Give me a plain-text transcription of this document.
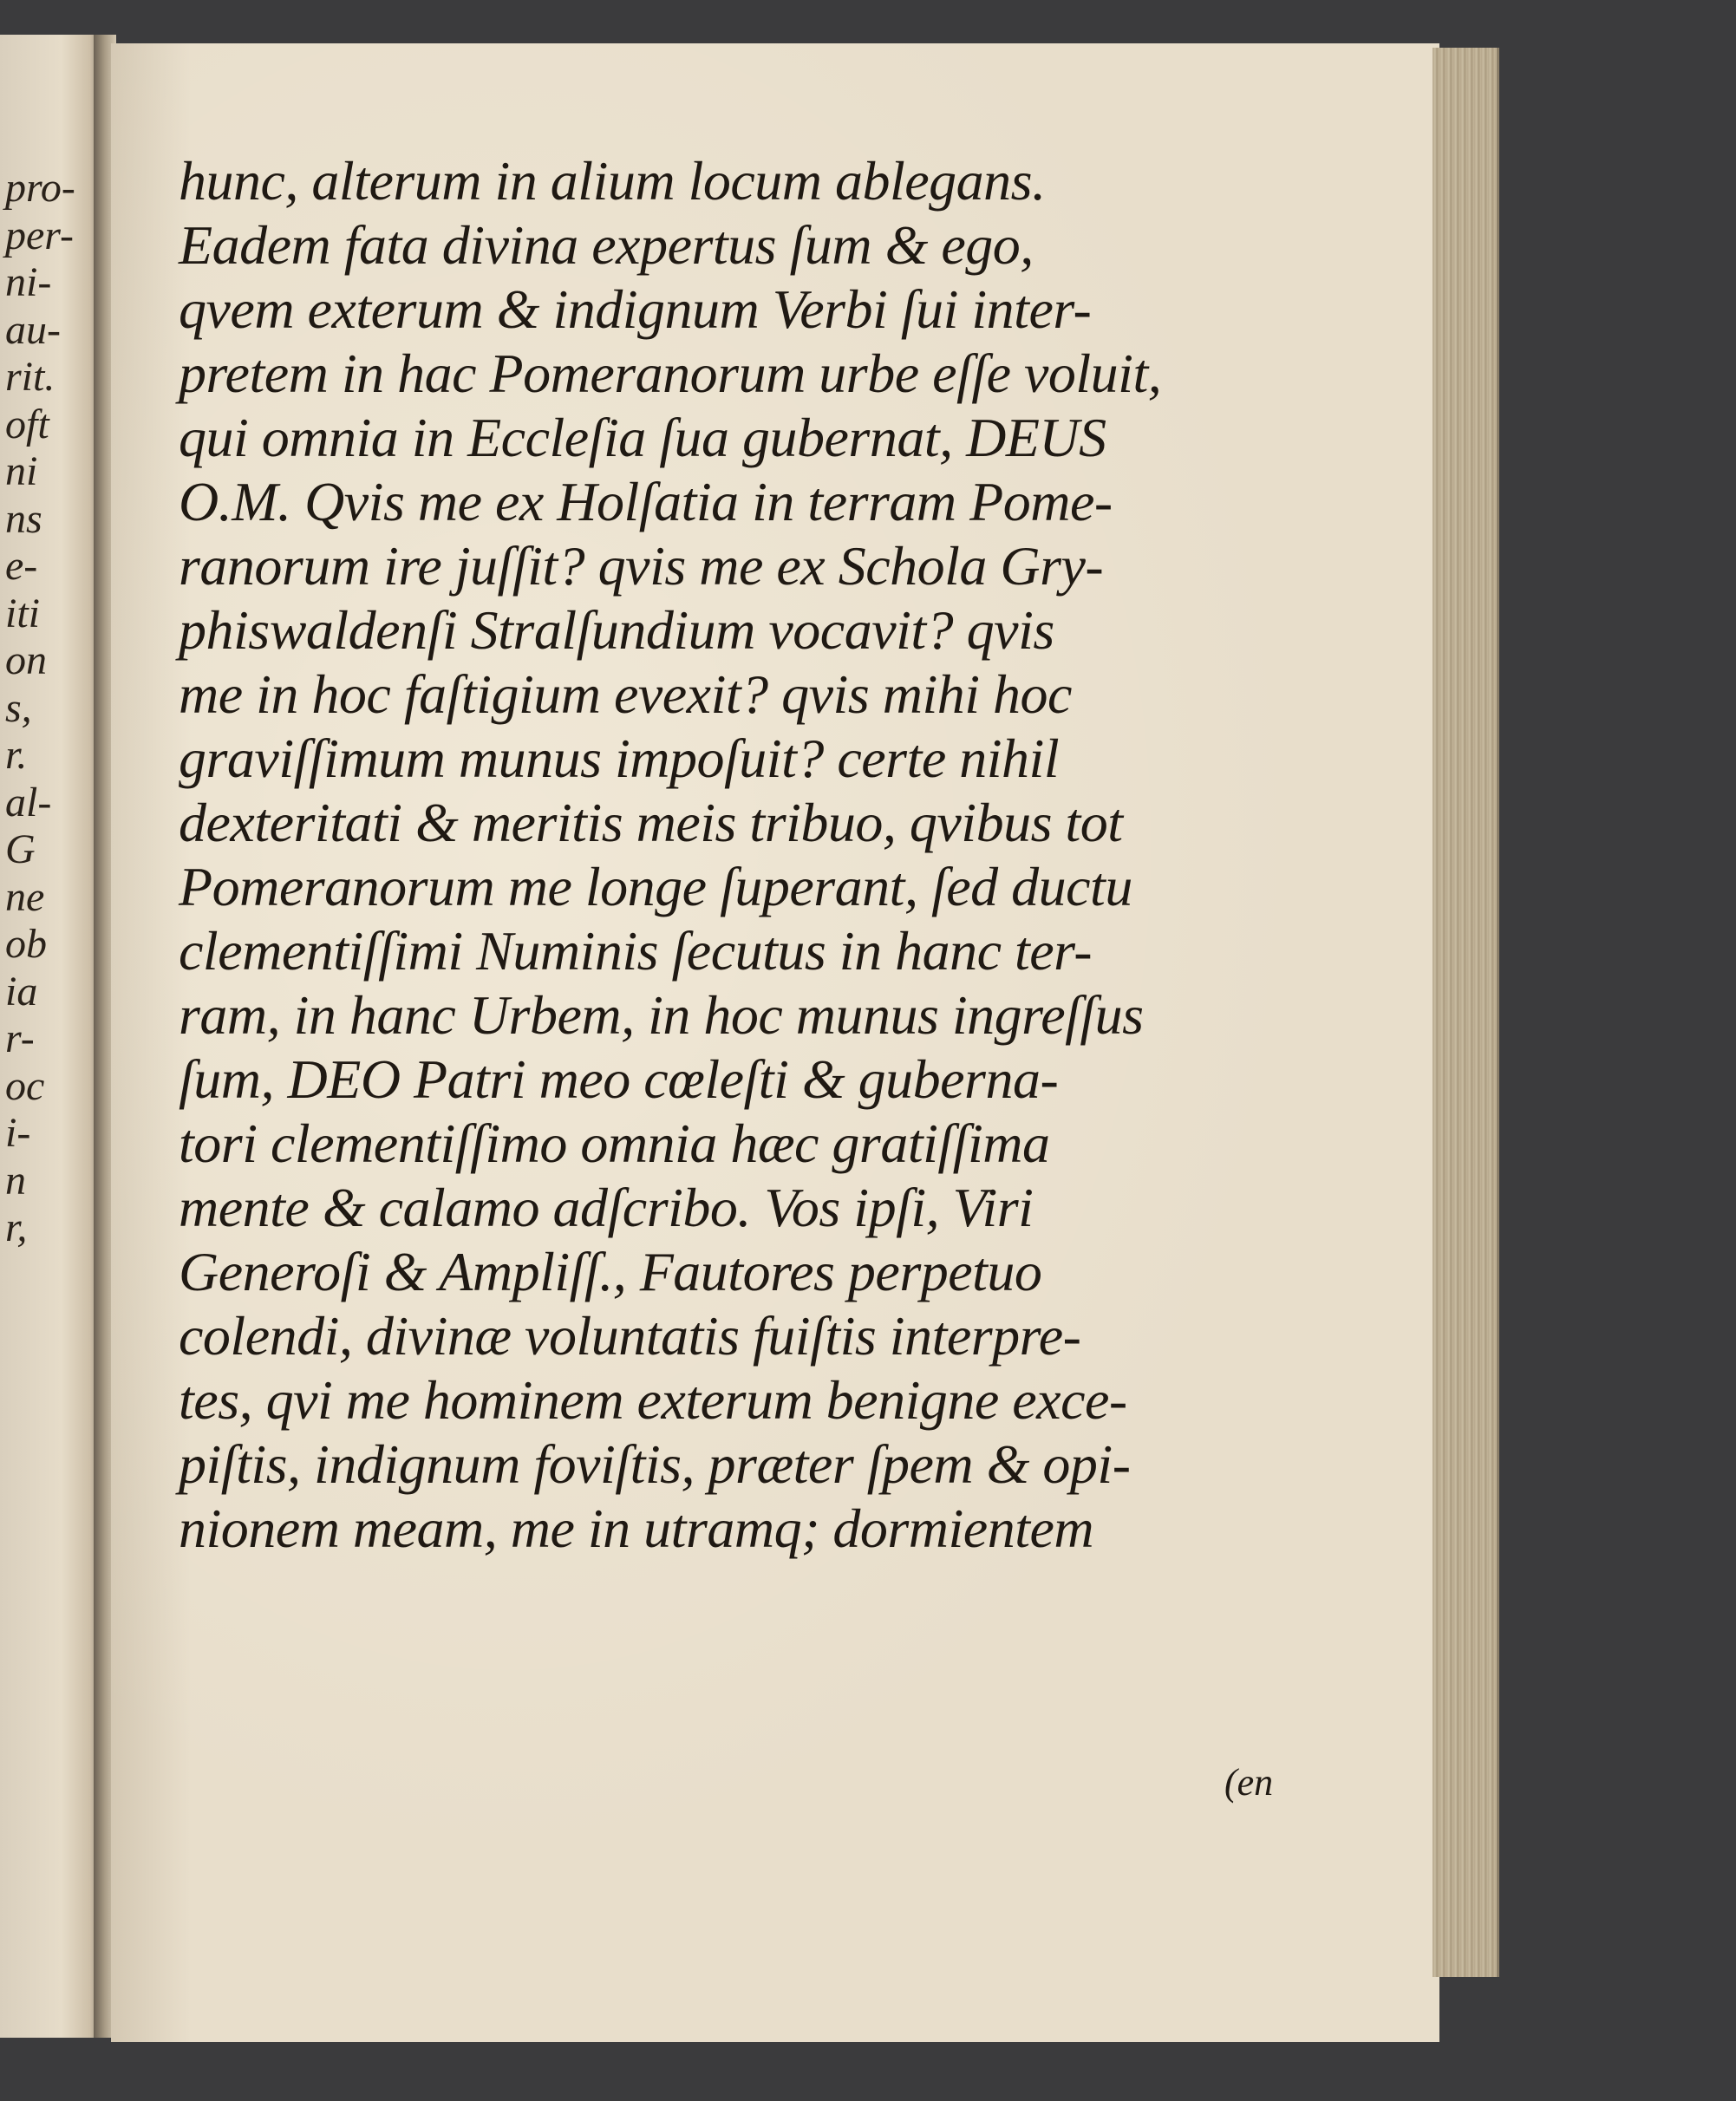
pro-
per-
ni-
au-
rit.
oft
ni
ns
e-
iti
on
s,
r.
al-
G
ne
ob
ia
r-
oc
i-
n
r,
hunc, alterum in alium locum ablegans.
Eadem fata divina expertus ſum & ego,
qvem exterum & indignum Verbi ſui inter-
pretem in hac Pomeranorum urbe eſſe voluit,
qui omnia in Eccleſia ſua gubernat, DEUS
O.M. Qvis me ex Holſatia in terram Pome-
ranorum ire juſſit? qvis me ex Schola Gry-
phiswaldenſi Stralſundium vocavit? qvis
me in hoc faſtigium evexit? qvis mihi hoc
graviſſimum munus impoſuit? certe nihil
dexteritati & meritis meis tribuo, qvibus tot
Pomeranorum me longe ſuperant, ſed ductu
clementiſſimi Numinis ſecutus in hanc ter-
ram, in hanc Urbem, in hoc munus ingreſſus
ſum, DEO Patri meo cœleſti & guberna-
tori clementiſſimo omnia hæc gratiſſima
mente & calamo adſcribo. Vos ipſi, Viri
Generoſi & Ampliſſ., Fautores perpetuo
colendi, divinæ voluntatis fuiſtis interpre-
tes, qvi me hominem exterum benigne exce-
piſtis, indignum foviſtis, præter ſpem & opi-
nionem meam, me in utramq; dormientem
(en
